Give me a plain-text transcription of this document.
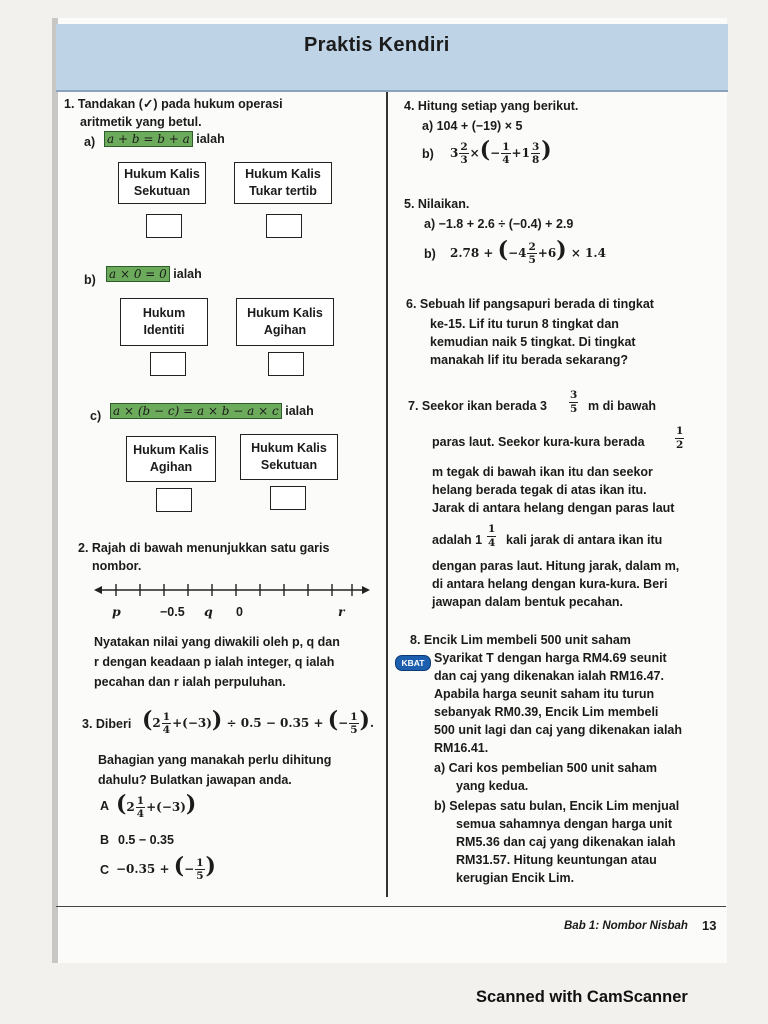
Praktis Kendiri
1. Tandakan (✓) pada hukum operasi
aritmetik yang betul.
a) a + b = b + a ialah
Hukum Kalis Sekutuan
Hukum Kalis Tukar tertib
b) a × 0 = 0 ialah
Hukum Identiti
Hukum Kalis Agihan
c) a × (b − c) = a × b − a × c ialah
Hukum Kalis Agihan
Hukum Kalis Sekutuan
2. Rajah di bawah menunjukkan satu garis
nombor.
p	−0.5 q 0	r
Nyatakan nilai yang diwakili oleh p, q dan
r dengan keadaan p ialah integer, q ialah
pecahan dan r ialah perpuluhan.
3. Diberi $(2 \frac{1}{4} +(-3)) \div 0.5 - 0.35$ + (− $\frac{1}{5}$ ).
Bahagian yang manakah perlu dihitung
dahulu? Bulatkan jawapan anda.
A $(2 \frac{1}{4} +(-3))$
B 0.5 − 0.35
C −0.35 + (− $\frac{1}{5}$ )
4. Hitung setiap yang berikut.
a) 104 + (−19) × 5
b) $3 \frac{2}{3}$ ×(− $\frac{1}{4} +1 \frac{3}{8}$ )
5. Nilaikan.
a) −1.8 + 2.6 ÷ (−0.4) + 2.9
b) $2.78 + (-4 \frac{2}{5} +6) \times 1.4$
6. Sebuah lif pangsapuri berada di tingkat
ke-15. Lif itu turun 8 tingkat dan
kemudian naik 5 tingkat. Di tingkat
manakah lif itu berada sekarang?
7. Seekor ikan berada $3 \frac{3}{5}$ m di bawah
paras laut. Seekor kura-kura berada	$\frac{1}{2}$
m tegak di bawah ikan itu dan seekor
helang berada tegak di atas ikan itu.
Jarak di antara helang dengan paras laut
adalah $1 \frac{1}{4}$ kali jarak di antara ikan itu
dengan paras laut. Hitung jarak, dalam m,
di antara helang dengan kura-kura. Beri
jawapan dalam bentuk pecahan.
8. Encik Lim membeli 500 unit saham
KBAT Syarikat T dengan harga RM4.69 seunit
dan caj yang dikenakan ialah RM16.47.
Apabila harga seunit saham itu turun
sebanyak RM0.39, Encik Lim membeli
500 unit lagi dan caj yang dikenakan ialah
RM16.41.
a) Cari kos pembelian 500 unit saham
yang kedua.
b) Selepas satu bulan, Encik Lim menjual
semua sahamnya dengan harga unit
RM5.36 dan caj yang dikenakan ialah
RM31.57. Hitung keuntungan atau
kerugian Encik Lim.
Bab 1: Nombor Nisbah 13
Scanned with CamScanner
